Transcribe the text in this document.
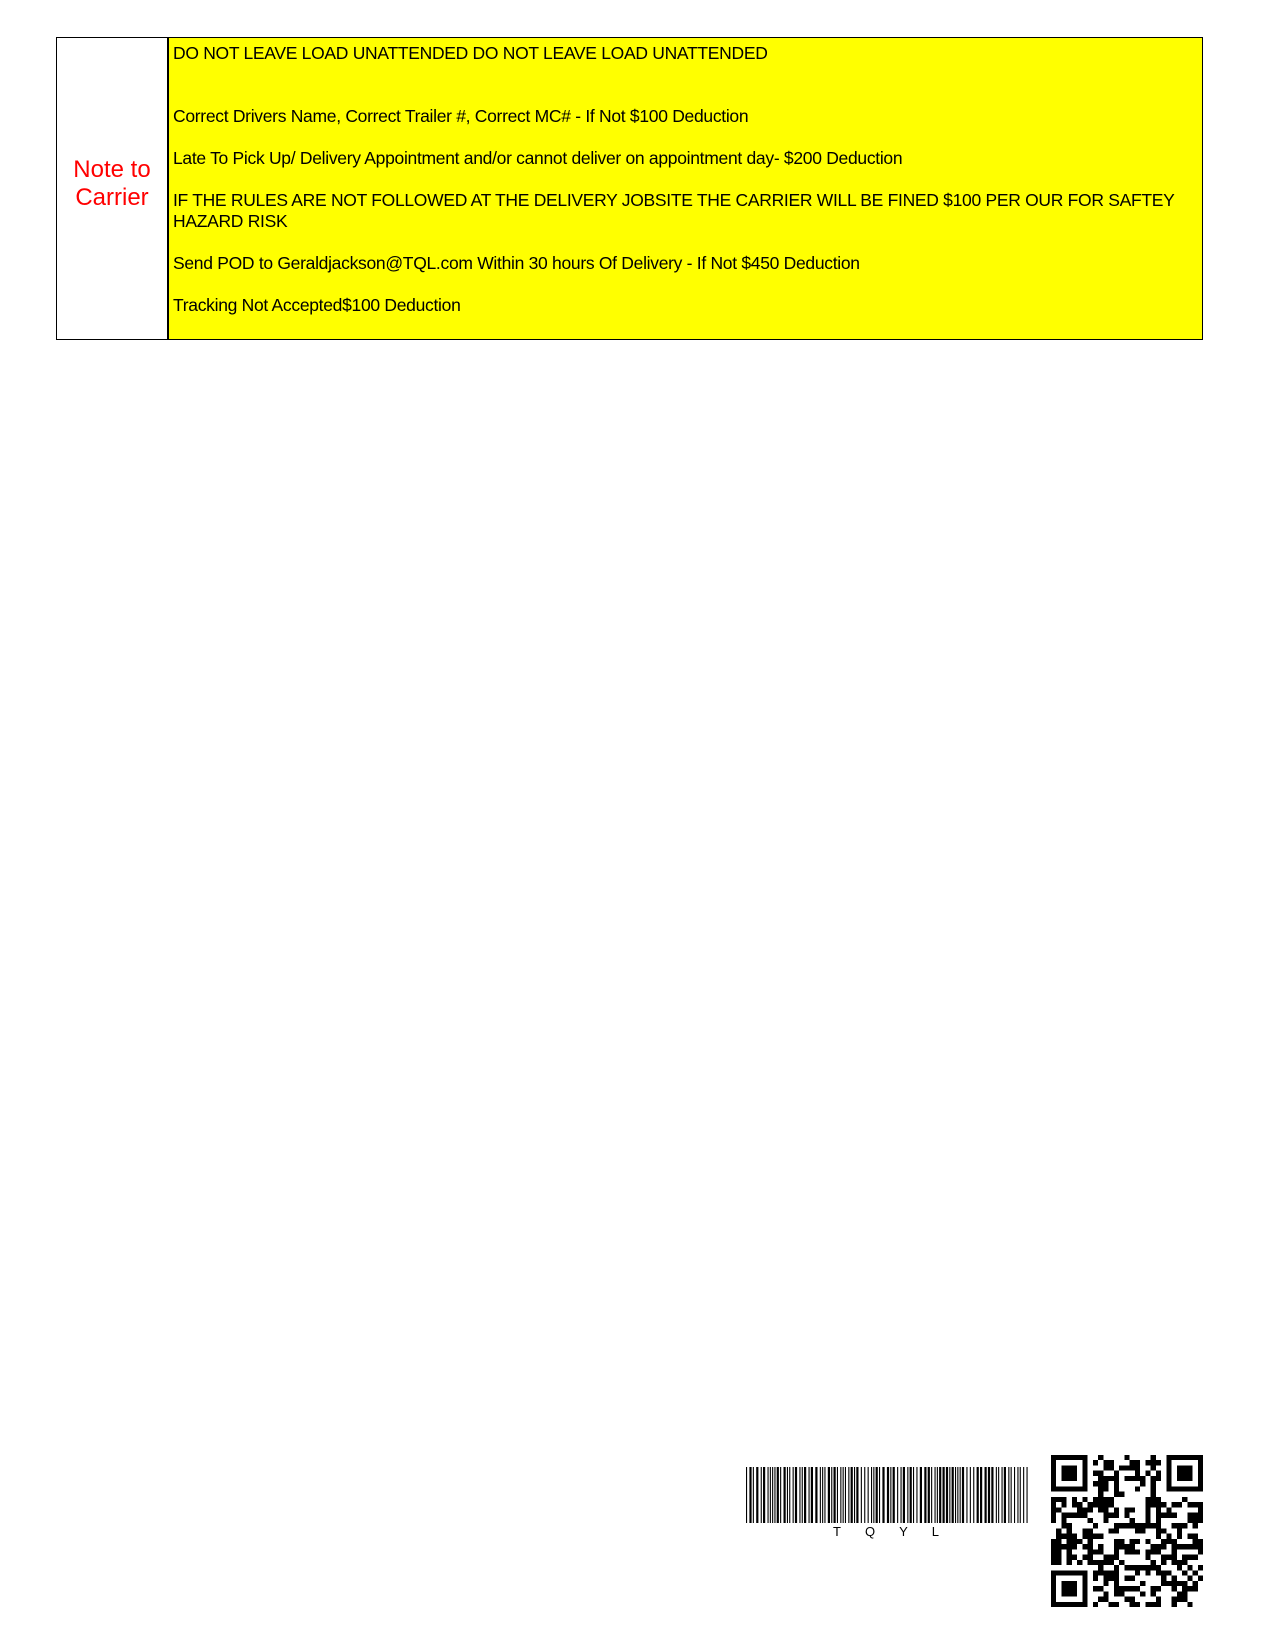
Note to Carrier

DO NOT LEAVE LOAD UNATTENDED DO NOT LEAVE LOAD UNATTENDED

Correct Drivers Name, Correct Trailer #, Correct MC# - If Not $100 Deduction

Late To Pick Up/ Delivery Appointment and/or cannot deliver on appointment day- $200 Deduction

IF THE RULES ARE NOT FOLLOWED AT THE DELIVERY JOBSITE THE CARRIER WILL BE FINED $100 PER OUR FOR SAFTEY HAZARD RISK

Send POD to Geraldjackson@TQL.com Within 30 hours Of Delivery - If Not $450 Deduction

Tracking Not Accepted$100 Deduction

TQYL
